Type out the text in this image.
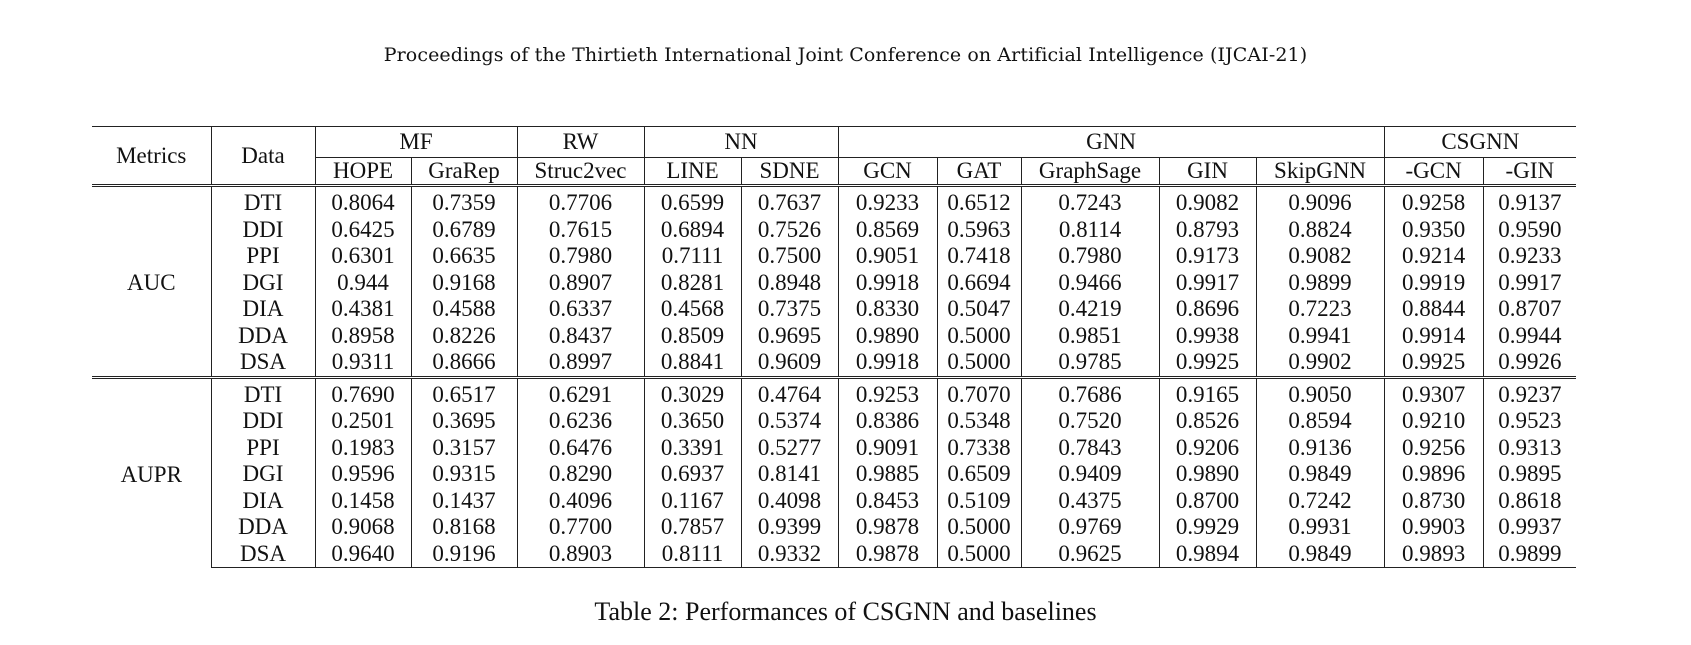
Proceedings of the Thirtieth International Joint Conference on Artificial Intelligence (IJCAI-21)
Metrics	Data	MF		RW	NN		GNN					CSGNN	
		HOPE	GraRep	Struc2vec	LINE	SDNE	GCN	GAT	GraphSage	GIN	SkipGNN	-GCN	-GIN
AUC	DTI	0.8064	0.7359	0.7706	0.6599	0.7637	0.9233	0.6512	0.7243	0.9082	0.9096	0.9258	0.9137
	DDI	0.6425	0.6789	0.7615	0.6894	0.7526	0.8569	0.5963	0.8114	0.8793	0.8824	0.9350	0.9590
	PPI	0.6301	0.6635	0.7980	0.7111	0.7500	0.9051	0.7418	0.7980	0.9173	0.9082	0.9214	0.9233
	DGI	0.944	0.9168	0.8907	0.8281	0.8948	0.9918	0.6694	0.9466	0.9917	0.9899	0.9919	0.9917
	DIA	0.4381	0.4588	0.6337	0.4568	0.7375	0.8330	0.5047	0.4219	0.8696	0.7223	0.8844	0.8707
	DDA	0.8958	0.8226	0.8437	0.8509	0.9695	0.9890	0.5000	0.9851	0.9938	0.9941	0.9914	0.9944
	DSA	0.9311	0.8666	0.8997	0.8841	0.9609	0.9918	0.5000	0.9785	0.9925	0.9902	0.9925	0.9926
AUPR	DTI	0.7690	0.6517	0.6291	0.3029	0.4764	0.9253	0.7070	0.7686	0.9165	0.9050	0.9307	0.9237
	DDI	0.2501	0.3695	0.6236	0.3650	0.5374	0.8386	0.5348	0.7520	0.8526	0.8594	0.9210	0.9523
	PPI	0.1983	0.3157	0.6476	0.3391	0.5277	0.9091	0.7338	0.7843	0.9206	0.9136	0.9256	0.9313
	DGI	0.9596	0.9315	0.8290	0.6937	0.8141	0.9885	0.6509	0.9409	0.9890	0.9849	0.9896	0.9895
	DIA	0.1458	0.1437	0.4096	0.1167	0.4098	0.8453	0.5109	0.4375	0.8700	0.7242	0.8730	0.8618
	DDA	0.9068	0.8168	0.7700	0.7857	0.9399	0.9878	0.5000	0.9769	0.9929	0.9931	0.9903	0.9937
	DSA	0.9640	0.9196	0.8903	0.8111	0.9332	0.9878	0.5000	0.9625	0.9894	0.9849	0.9893	0.9899
Table 2: Performances of CSGNN and baselines
